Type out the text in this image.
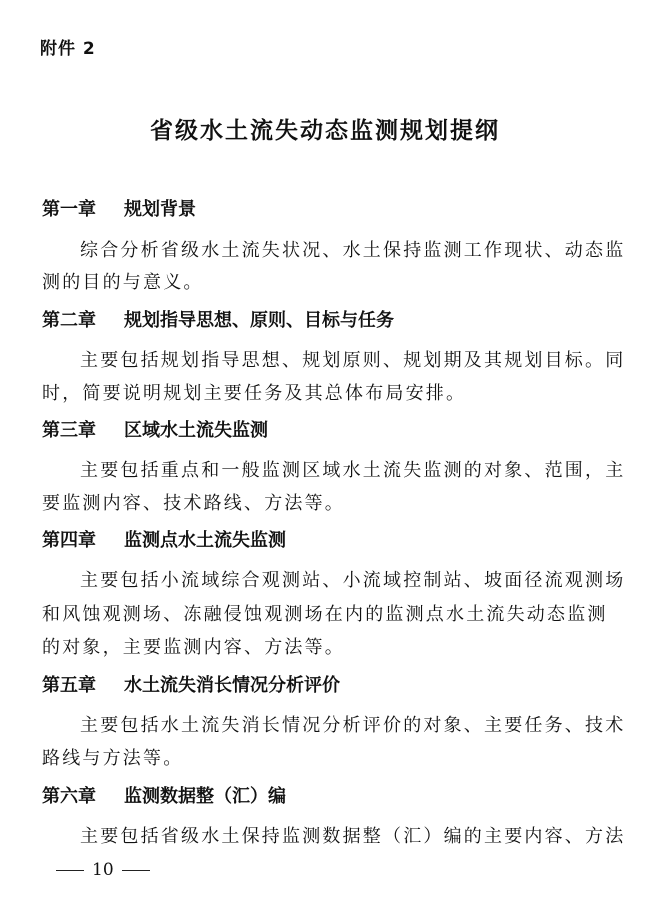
附件 2
省级水土流失动态监测规划提纲
第一章 规划背景
综合分析省级水土流失状况、水土保持监测工作现状、动态监
测的目的与意义。
第二章 规划指导思想、原则、目标与任务
主要包括规划指导思想、规划原则、规划期及其规划目标。同
时，简要说明规划主要任务及其总体布局安排。
第三章 区域水土流失监测
主要包括重点和一般监测区域水土流失监测的对象、范围，主
要监测内容、技术路线、方法等。
第四章 监测点水土流失监测
主要包括小流域综合观测站、小流域控制站、坡面径流观测场
和风蚀观测场、冻融侵蚀观测场在内的监测点水土流失动态监测
的对象，主要监测内容、方法等。
第五章 水土流失消长情况分析评价
主要包括水土流失消长情况分析评价的对象、主要任务、技术
路线与方法等。
第六章 监测数据整（汇）编
主要包括省级水土保持监测数据整（汇）编的主要内容、方法
10
